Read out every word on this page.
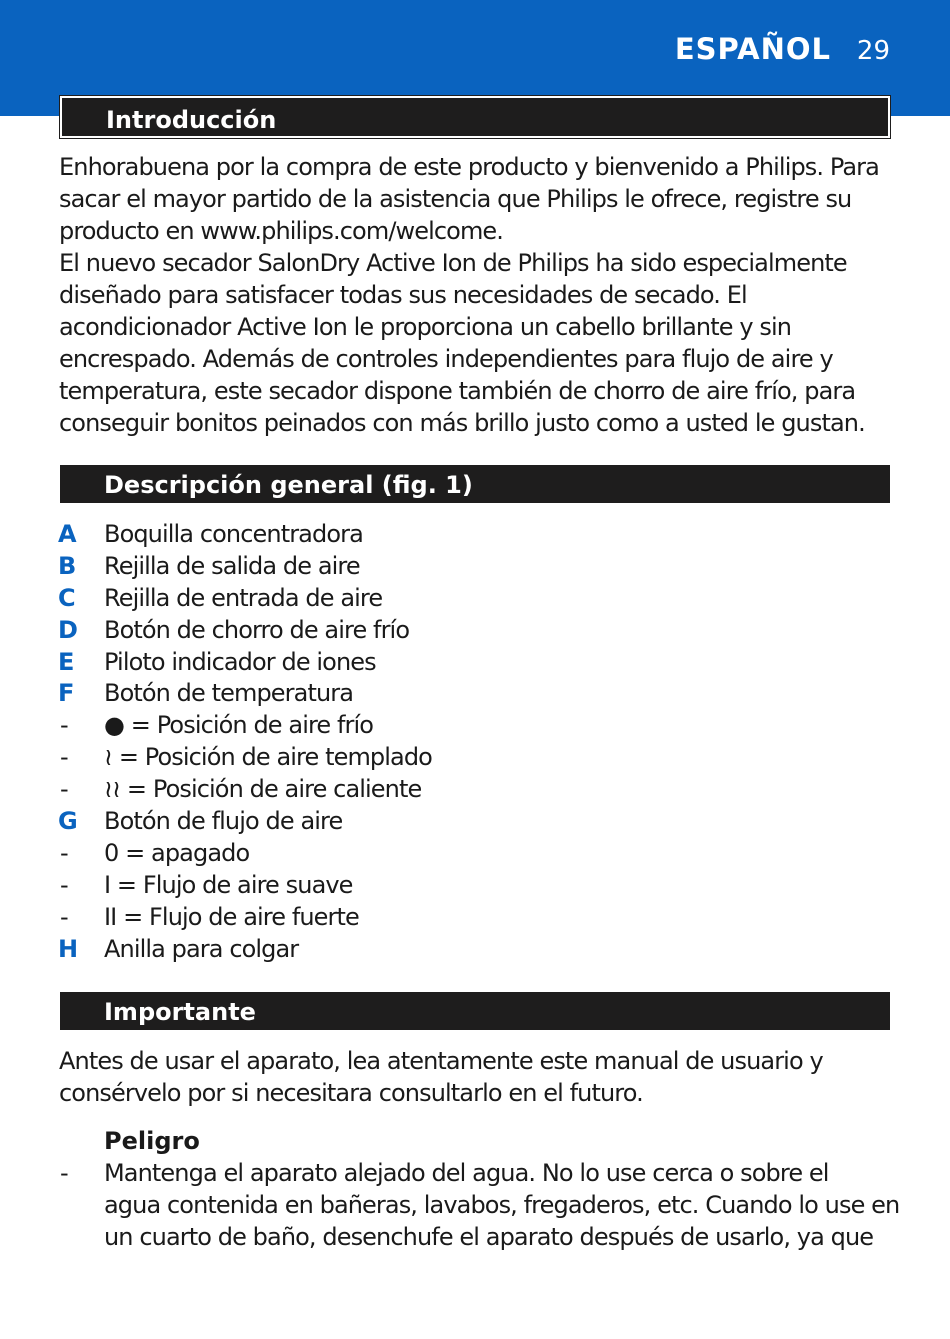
ESPAÑOL 29
Introducción

Enhorabuena por la compra de este producto y bienvenido a Philips. Para

sacar el mayor partido de la asistencia que Philips le ofrece, registre su

producto en www.philips.com/welcome.

El nuevo secador SalonDry Active Ion de Philips ha sido especialmente

diseñado para satisfacer todas sus necesidades de secado. El

acondicionador Active Ion le proporciona un cabello brillante y sin

encrespado. Además de controles independientes para flujo de aire y

temperatura, este secador dispone también de chorro de aire frío, para

conseguir bonitos peinados con más brillo justo como a usted le gustan.

Descripción general (fig. 1)
A	Boquilla concentradora
B	Rejilla de salida de aire
C	Rejilla de entrada de aire
D	Botón de chorro de aire frío
E	Piloto indicador de iones
F	Botón de temperatura
- ● = Posición de aire frío
- ≀ = Posición de aire templado
- ≀≀ = Posición de aire caliente
G	Botón de flujo de aire
- 0 = apagado
- I = Flujo de aire suave
- II = Flujo de aire fuerte
H	Anilla para colgar
Importante

Antes de usar el aparato, lea atentamente este manual de usuario y

consérvelo por si necesitara consultarlo en el futuro.

Peligro
- Mantenga el aparato alejado del agua. No lo use cerca o sobre el
agua contenida en bañeras, lavabos, fregaderos, etc. Cuando lo use en
un cuarto de baño, desenchufe el aparato después de usarlo, ya que
